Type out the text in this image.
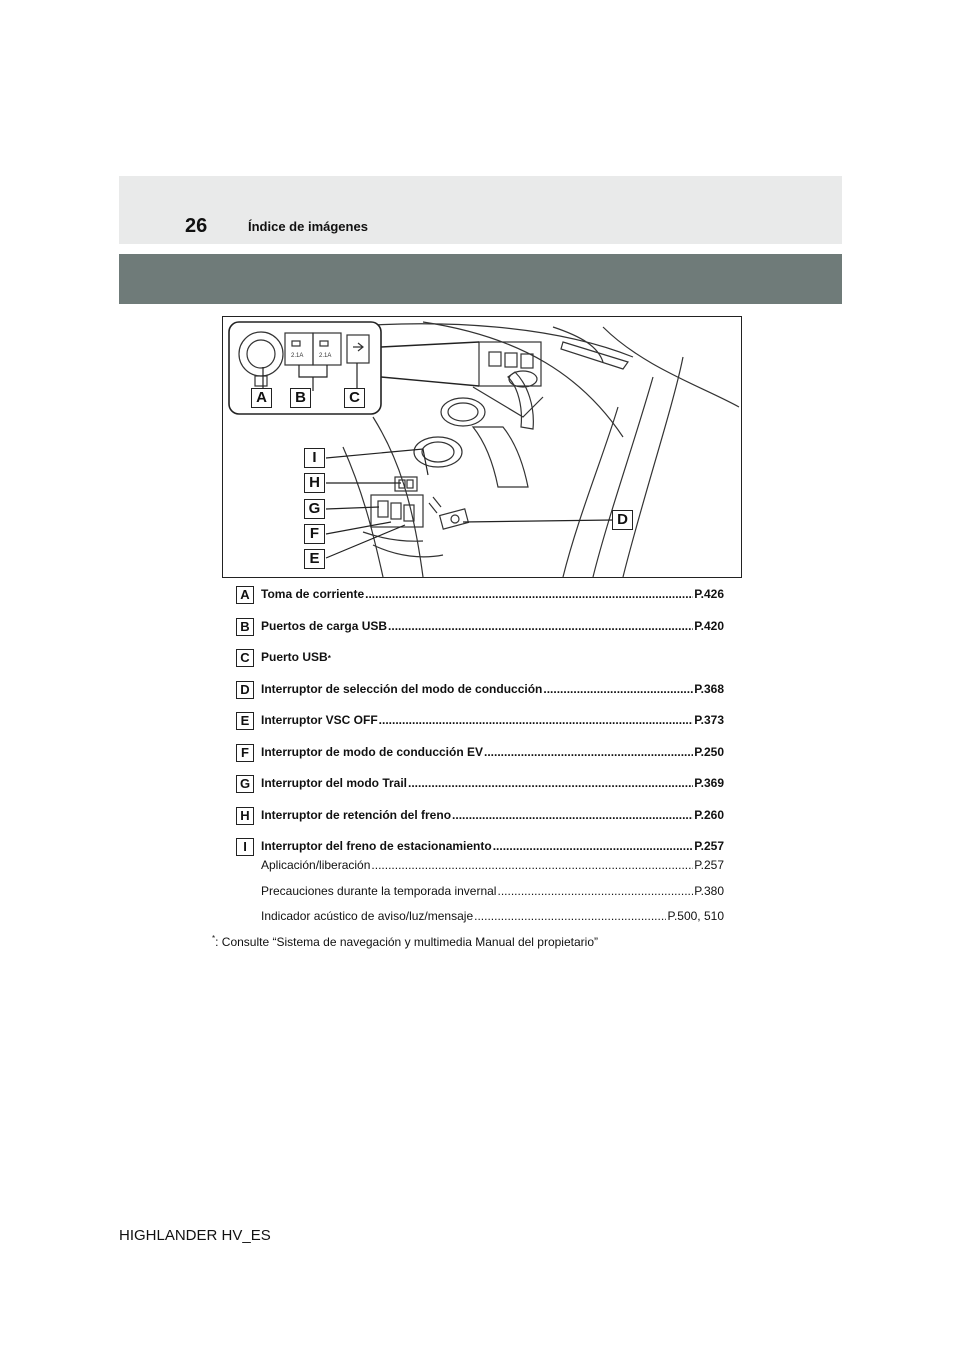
26	Índice de imágenes
2.1A	2.1A
A	B	C
D
E
F
G
H
I
A Toma de corriente .....	P.426
B Puertos de carga USB .....	P.420
C Puerto USB *
D Interruptor de selección del modo de conducción .....	P.368
E Interruptor VSC OFF .....	P.373
F	Interruptor de modo de conducción EV .....	P.250
G Interruptor del modo Trail .....	P.369
H Interruptor de retención del freno .....	P.260
I	Interruptor del freno de estacionamiento .....	P.257
Aplicación/liberación .....	P.257
Precauciones durante la temporada invernal .....	P.380
Indicador acústico de aviso/luz/mensaje .....	P.500, 510
*: Consulte “Sistema de navegación y multimedia Manual del propietario”
HIGHLANDER HV_ES
